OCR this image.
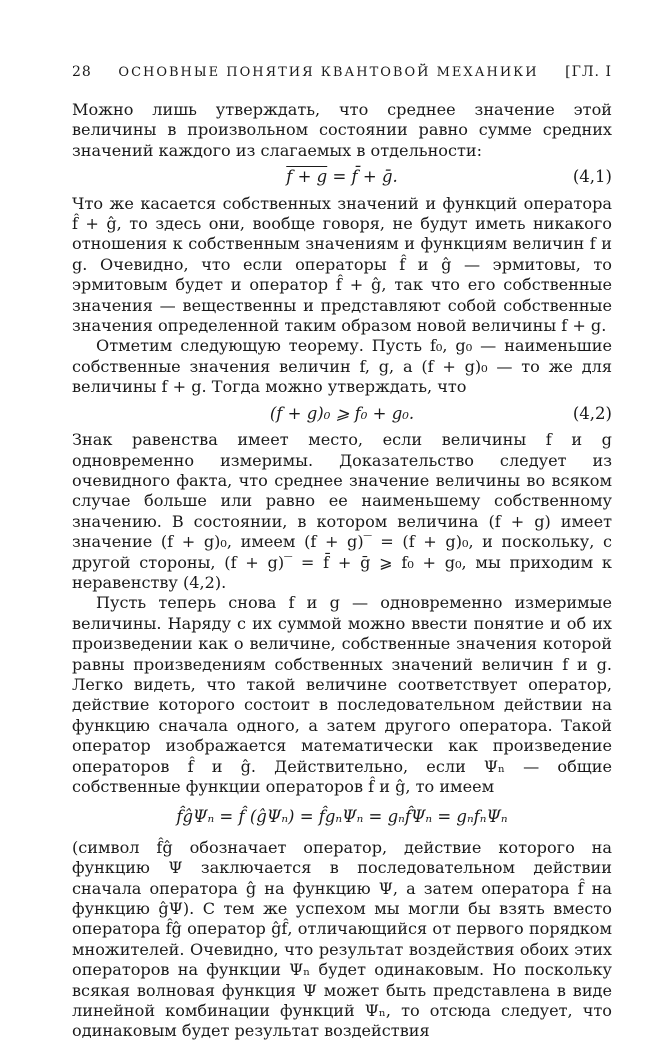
28 ОСНОВНЫЕ ПОНЯТИЯ КВАНТОВОЙ МЕХАНИКИ [ГЛ. I

Можно лишь утверждать, что среднее значение этой величины в произвольном состоянии равно сумме средних значений каждого из слагаемых в отдельности:

f + g = f̄ + ḡ.	(4,1)

Что же касается собственных значений и функций оператора f̂ + ĝ, то здесь они, вообще говоря, не будут иметь никакого отношения к собственным значениям и функциям величин f и g. Очевидно, что если операторы f̂ и ĝ — эрмитовы, то эрмитовым будет и оператор f̂ + ĝ, так что его собственные значения — вещественны и представляют собой собственные значения определенной таким образом новой величины f + g.

Отметим следующую теорему. Пусть f₀, g₀ — наименьшие собственные значения величин f, g, а (f + g)₀ — то же для величины f + g. Тогда можно утверждать, что

(f + g)₀ ⩾ f₀ + g₀.	(4,2)

Знак равенства имеет место, если величины f и g одновременно измеримы. Доказательство следует из очевидного факта, что среднее значение величины во всяком случае больше или равно ее наименьшему собственному значению. В состоянии, в котором величина (f + g) имеет значение (f + g)₀, имеем (f + g)‾ = (f + g)₀, и поскольку, с другой стороны, (f + g)‾ = f̄ + ḡ ⩾ f₀ + g₀, мы приходим к неравенству (4,2).

Пусть теперь снова f и g — одновременно измеримые величины. Наряду с их суммой можно ввести понятие и об их произведении как о величине, собственные значения которой равны произведениям собственных значений величин f и g. Легко видеть, что такой величине соответствует оператор, действие которого состоит в последовательном действии на функцию сначала одного, а затем другого оператора. Такой оператор изображается математически как произведение операторов f̂ и ĝ. Действительно, если Ψₙ — общие собственные функции операторов f̂ и ĝ, то имеем

f̂ĝΨₙ = f̂ (ĝΨₙ) = f̂gₙΨₙ = gₙf̂Ψₙ = gₙfₙΨₙ

(символ f̂ĝ обозначает оператор, действие которого на функцию Ψ заключается в последовательном действии сначала оператора ĝ на функцию Ψ, а затем оператора f̂ на функцию ĝΨ). С тем же успехом мы могли бы взять вместо оператора f̂ĝ оператор ĝf̂, отличающийся от первого порядком множителей. Очевидно, что результат воздействия обоих этих операторов на функции Ψₙ будет одинаковым. Но поскольку всякая волновая функция Ψ может быть представлена в виде линейной комбинации функций Ψₙ, то отсюда следует, что одинаковым будет результат воздействия
